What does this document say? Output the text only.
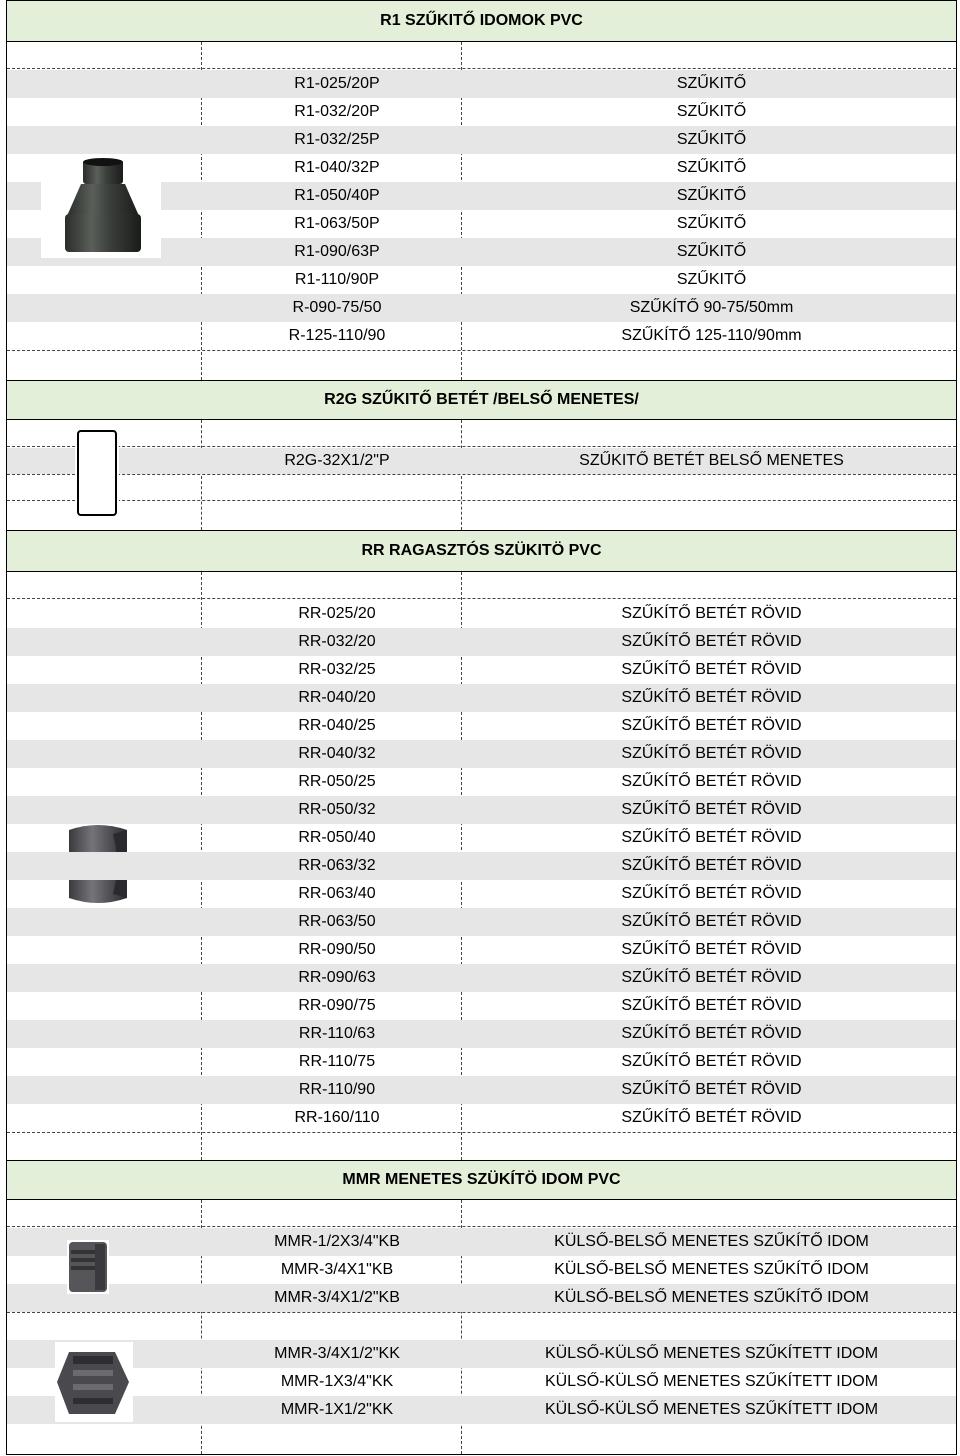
R1 SZŰKITŐ IDOMOK PVC
R1-025/20P	SZŰKITŐ
R1-032/20P	SZŰKITŐ
R1-032/25P	SZŰKITŐ
R1-040/32P	SZŰKITŐ
R1-050/40P	SZŰKITŐ
R1-063/50P	SZŰKITŐ
R1-090/63P	SZŰKITŐ
R1-110/90P	SZŰKITŐ
R-090-75/50	SZŰKÍTŐ 90-75/50mm
R-125-110/90	SZŰKÍTŐ 125-110/90mm
R2G SZŰKITŐ BETÉT /BELSŐ MENETES/
R2G-32X1/2"P	SZŰKITŐ BETÉT BELSŐ MENETES
RR RAGASZTÓS SZÜKITÖ PVC
RR-025/20	SZŰKÍTŐ BETÉT RÖVID
RR-032/20	SZŰKÍTŐ BETÉT RÖVID
RR-032/25	SZŰKÍTŐ BETÉT RÖVID
RR-040/20	SZŰKÍTŐ BETÉT RÖVID
RR-040/25	SZŰKÍTŐ BETÉT RÖVID
RR-040/32	SZŰKÍTŐ BETÉT RÖVID
RR-050/25	SZŰKÍTŐ BETÉT RÖVID
RR-050/32	SZŰKÍTŐ BETÉT RÖVID
RR-050/40	SZŰKÍTŐ BETÉT RÖVID
RR-063/32	SZŰKÍTŐ BETÉT RÖVID
RR-063/40	SZŰKÍTŐ BETÉT RÖVID
RR-063/50	SZŰKÍTŐ BETÉT RÖVID
RR-090/50	SZŰKÍTŐ BETÉT RÖVID
RR-090/63	SZŰKÍTŐ BETÉT RÖVID
RR-090/75	SZŰKÍTŐ BETÉT RÖVID
RR-110/63	SZŰKÍTŐ BETÉT RÖVID
RR-110/75	SZŰKÍTŐ BETÉT RÖVID
RR-110/90	SZŰKÍTŐ BETÉT RÖVID
RR-160/110	SZŰKÍTŐ BETÉT RÖVID
MMR MENETES SZÜKÍTÖ IDOM PVC
MMR-1/2X3/4"KB	KÜLSŐ-BELSŐ MENETES SZŰKÍTŐ IDOM
MMR-3/4X1"KB	KÜLSŐ-BELSŐ MENETES SZŰKÍTŐ IDOM
MMR-3/4X1/2"KB	KÜLSŐ-BELSŐ MENETES SZŰKÍTŐ IDOM
MMR-3/4X1/2"KK	KÜLSŐ-KÜLSŐ MENETES SZŰKÍTETT IDOM
MMR-1X3/4"KK	KÜLSŐ-KÜLSŐ MENETES SZŰKÍTETT IDOM
MMR-1X1/2"KK	KÜLSŐ-KÜLSŐ MENETES SZŰKÍTETT IDOM
